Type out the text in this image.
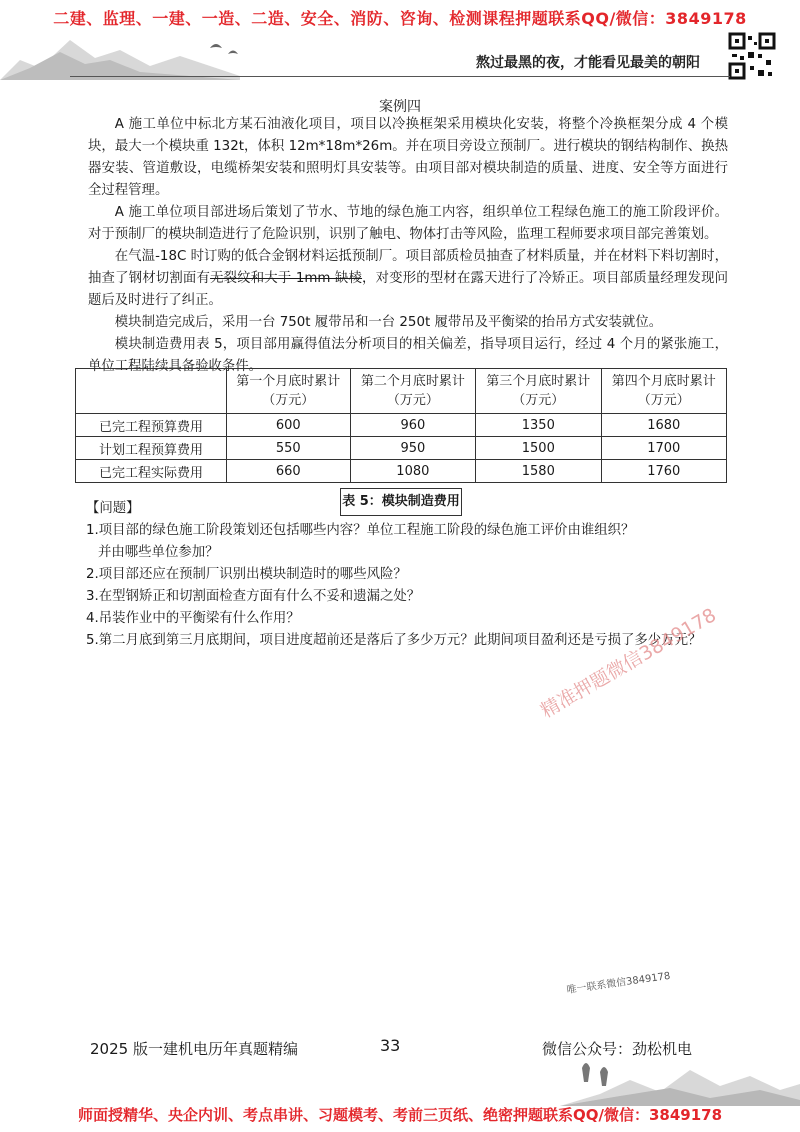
二建、监理、一建、一造、二造、安全、消防、咨询、检测课程押题联系QQ/微信：3849178
熬过最黑的夜，才能看见最美的朝阳
案例四

A 施工单位中标北方某石油液化项目，项目以冷换框架采用模块化安装，将整个冷换框架分成 4 个模块，最大一个模块重 132t，体积 12m*18m*26m。并在项目旁设立预制厂。进行模块的钢结构制作、换热器安装、管道敷设，电缆桥架安装和照明灯具安装等。由项目部对模块制造的质量、进度、安全等方面进行全过程管理。

A 施工单位项目部进场后策划了节水、节地的绿色施工内容，组织单位工程绿色施工的施工阶段评价。对于预制厂的模块制造进行了危险识别，识别了触电、物体打击等风险，监理工程师要求项目部完善策划。

在气温-18C 时订购的低合金钢材料运抵预制厂。项目部质检员抽查了材料质量，并在材料下料切割时，抽查了钢材切割面有无裂纹和大于 1mm 缺棱，对变形的型材在露天进行了冷矫正。项目部质量经理发现问题后及时进行了纠正。

模块制造完成后，采用一台 750t 履带吊和一台 250t 履带吊及平衡梁的抬吊方式安装就位。

模块制造费用表 5，项目部用赢得值法分析项目的相关偏差，指导项目运行，经过 4 个月的紧张施工，单位工程陆续具备验收条件。

	第一个月底时累计（万元）	第二个月底时累计（万元）	第三个月底时累计（万元）	第四个月底时累计（万元）
已完工程预算费用	600	960	1350	1680
计划工程预算费用	550	950	1500	1700
已完工程实际费用	660	1080	1580	1760
表 5：模块制造费用

【问题】

1.项目部的绿色施工阶段策划还包括哪些内容？单位工程施工阶段的绿色施工评价由谁组织？

并由哪些单位参加？

2.项目部还应在预制厂识别出模块制造时的哪些风险？

3.在型钢矫正和切割面检查方面有什么不妥和遗漏之处？

4.吊装作业中的平衡梁有什么作用？

5.第二月底到第三月底期间，项目进度超前还是落后了多少万元？此期间项目盈利还是亏损了多少万元？

精准押题微信3849178
唯一联系微信3849178
2025 版一建机电历年真题精编	33	微信公众号：劲松机电
师面授精华、央企内训、考点串讲、习题模考、考前三页纸、绝密押题联系QQ/微信：3849178
